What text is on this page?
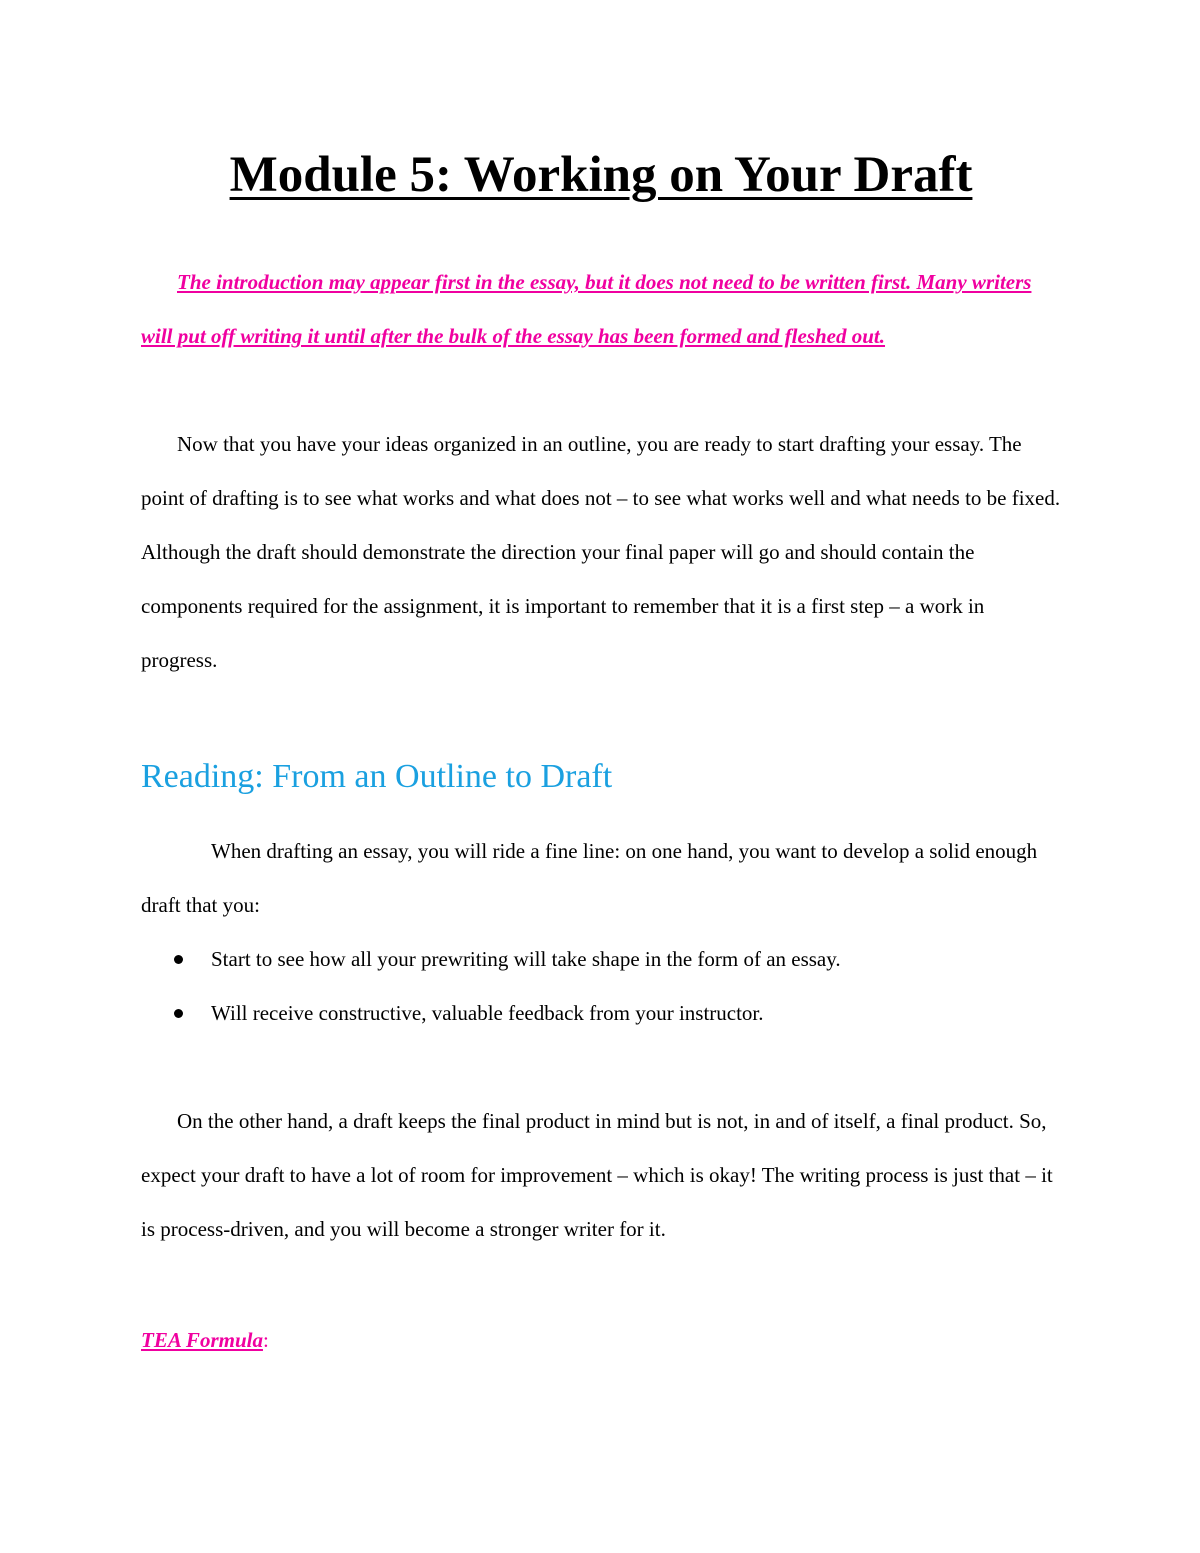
Module 5: Working on Your Draft

The introduction may appear first in the essay, but it does not need to be written first. Many writers will put off writing it until after the bulk of the essay has been formed and fleshed out.

Now that you have your ideas organized in an outline, you are ready to start drafting your essay. The point of drafting is to see what works and what does not – to see what works well and what needs to be fixed. Although the draft should demonstrate the direction your final paper will go and should contain the components required for the assignment, it is important to remember that it is a first step – a work in progress.

Reading: From an Outline to Draft

When drafting an essay, you will ride a fine line: on one hand, you want to develop a solid enough draft that you:

Start to see how all your prewriting will take shape in the form of an essay.
Will receive constructive, valuable feedback from your instructor.

On the other hand, a draft keeps the final product in mind but is not, in and of itself, a final product. So, expect your draft to have a lot of room for improvement – which is okay! The writing process is just that – it is process-driven, and you will become a stronger writer for it.

TEA Formula:
